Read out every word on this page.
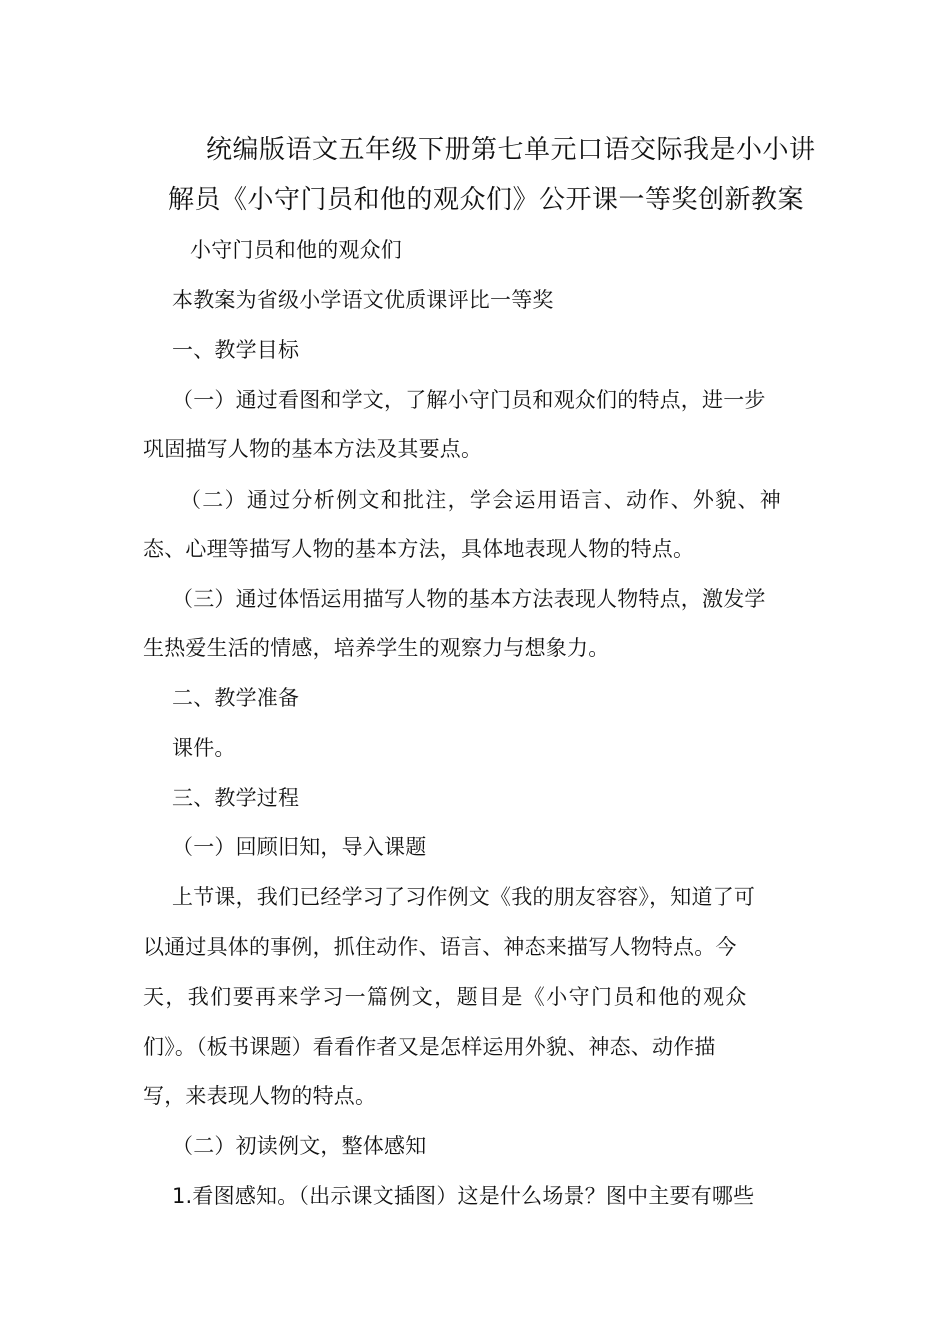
统编版语文五年级下册第七单元口语交际我是小小讲
解员《小守门员和他的观众们》公开课一等奖创新教案
小守门员和他的观众们
本教案为省级小学语文优质课评比一等奖
一、教学目标
（一）通过看图和学文，了解小守门员和观众们的特点，进一步
巩固描写人物的基本方法及其要点。
（二）通过分析例文和批注，学会运用语言、动作、外貌、神
态、心理等描写人物的基本方法，具体地表现人物的特点。
（三）通过体悟运用描写人物的基本方法表现人物特点，激发学
生热爱生活的情感，培养学生的观察力与想象力。
二、教学准备
课件。
三、教学过程
（一）回顾旧知，导入课题
上节课，我们已经学习了习作例文《我的朋友容容》，知道了可
以通过具体的事例，抓住动作、语言、神态来描写人物特点。今
天，我们要再来学习一篇例文，题目是《小守门员和他的观众
们》。（板书课题）看看作者又是怎样运用外貌、神态、动作描
写，来表现人物的特点。
（二）初读例文，整体感知
1.看图感知。（出示课文插图）这是什么场景？图中主要有哪些
